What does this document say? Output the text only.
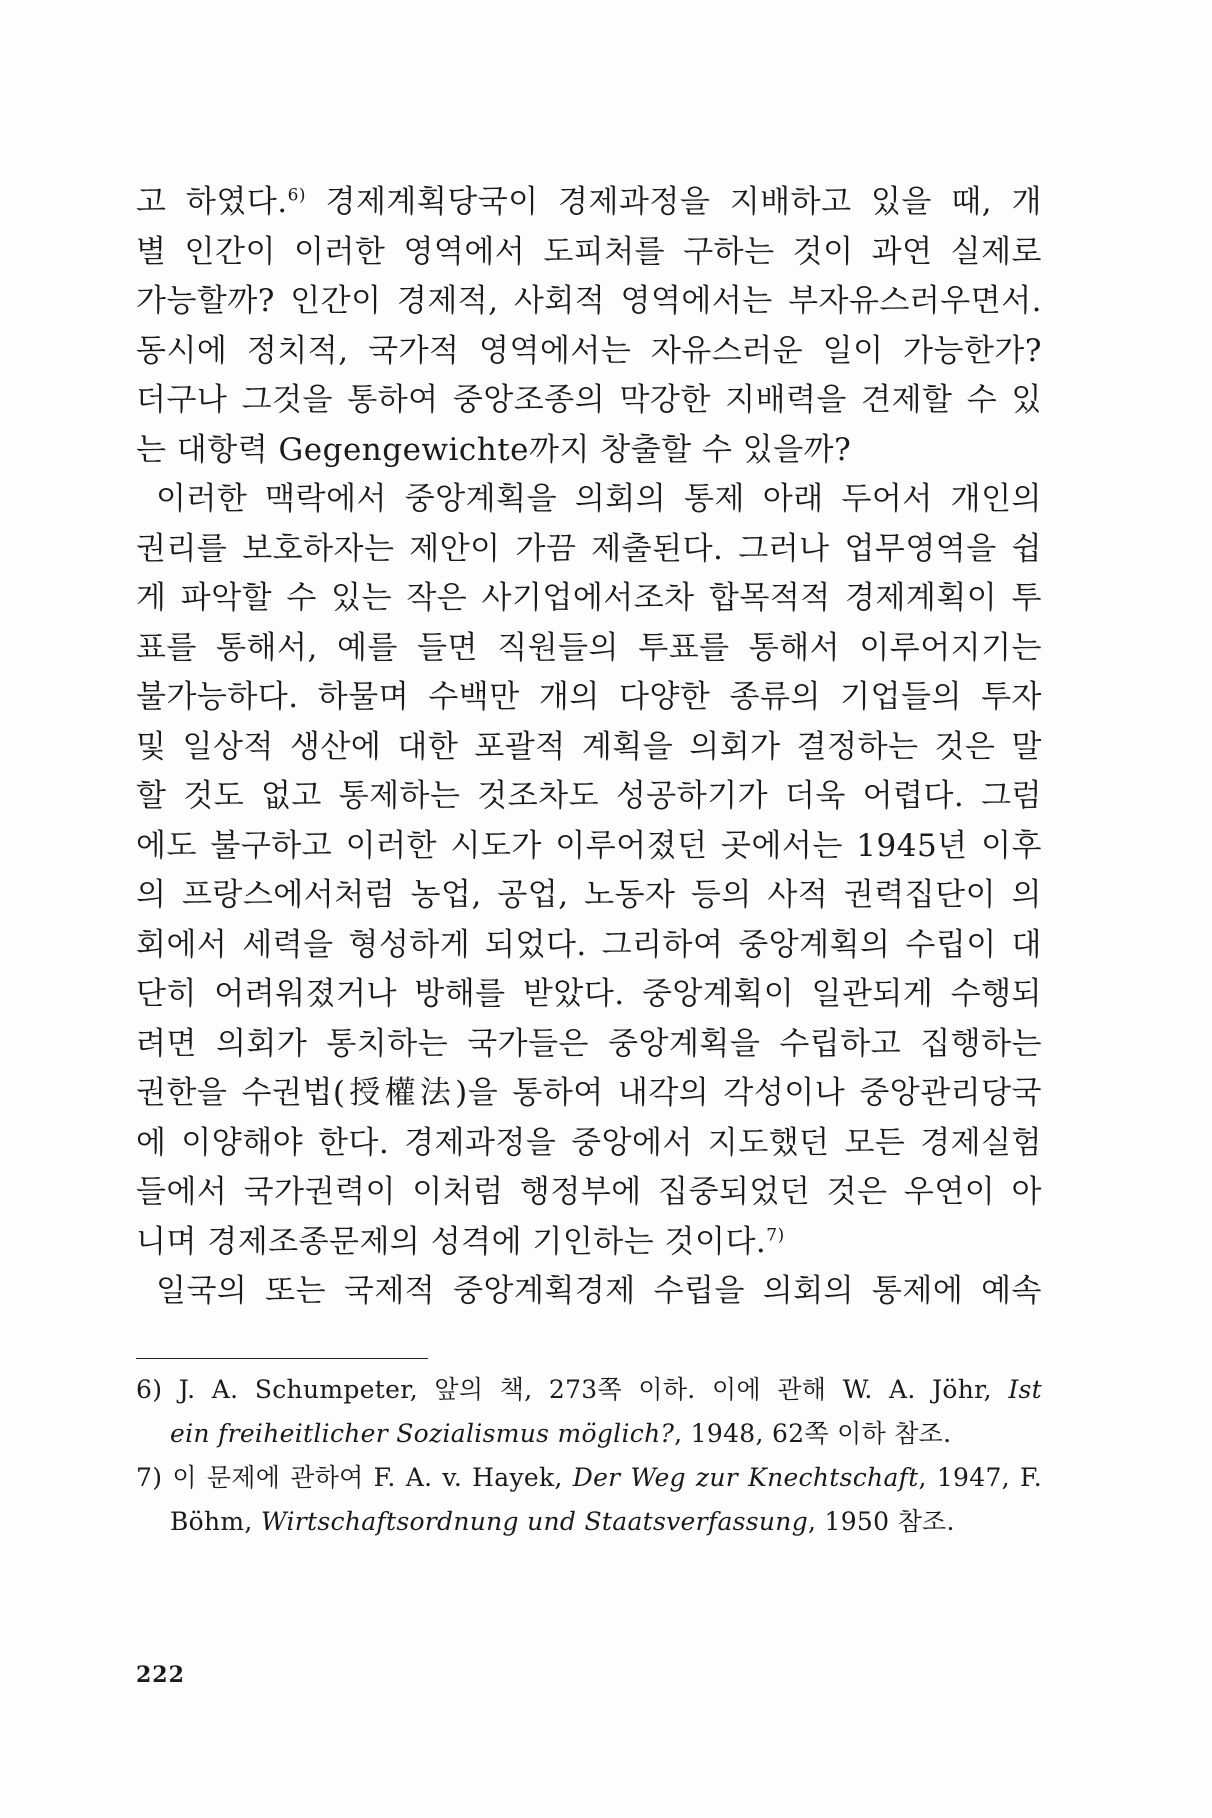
고 하였다.$^{6)}$ 경제계획당국이 경제과정을 지배하고 있을 때, 개
별 인간이 이러한 영역에서 도피처를 구하는 것이 과연 실제로
가능할까? 인간이 경제적, 사회적 영역에서는 부자유스러우면서.
동시에 정치적, 국가적 영역에서는 자유스러운 일이 가능한가?
더구나 그것을 통하여 중앙조종의 막강한 지배력을 견제할 수 있
는 대항력 Gegengewichte까지 창출할 수 있을까?
이러한 맥락에서 중앙계획을 의회의 통제 아래 두어서 개인의
권리를 보호하자는 제안이 가끔 제출된다. 그러나 업무영역을 쉽
게 파악할 수 있는 작은 사기업에서조차 합목적적 경제계획이 투
표를 통해서, 예를 들면 직원들의 투표를 통해서 이루어지기는
불가능하다. 하물며 수백만 개의 다양한 종류의 기업들의 투자
및 일상적 생산에 대한 포괄적 계획을 의회가 결정하는 것은 말
할 것도 없고 통제하는 것조차도 성공하기가 더욱 어렵다. 그럼
에도 불구하고 이러한 시도가 이루어졌던 곳에서는 1945년 이후
의 프랑스에서처럼 농업, 공업, 노동자 등의 사적 권력집단이 의
회에서 세력을 형성하게 되었다. 그리하여 중앙계획의 수립이 대
단히 어려워졌거나 방해를 받았다. 중앙계획이 일관되게 수행되
려면 의회가 통치하는 국가들은 중앙계획을 수립하고 집행하는
권한을 수권법(授權法)을 통하여 내각의 각성이나 중앙관리당국
에 이양해야 한다. 경제과정을 중앙에서 지도했던 모든 경제실험
들에서 국가권력이 이처럼 행정부에 집중되었던 것은 우연이 아
니며 경제조종문제의 성격에 기인하는 것이다.$^{7)}$
일국의 또는 국제적 중앙계획경제 수립을 의회의 통제에 예속
6) J. A. Schumpeter, 앞의 책, 273쪽 이하. 이에 관해 W. A. Jöhr, Ist
ein freiheitlicher Sozialismus möglich?, 1948, 62쪽 이하 참조.
7) 이 문제에 관하여 F. A. v. Hayek, Der Weg zur Knechtschaft, 1947, F.
Böhm, Wirtschaftsordnung und Staatsverfassung, 1950 참조.
222
